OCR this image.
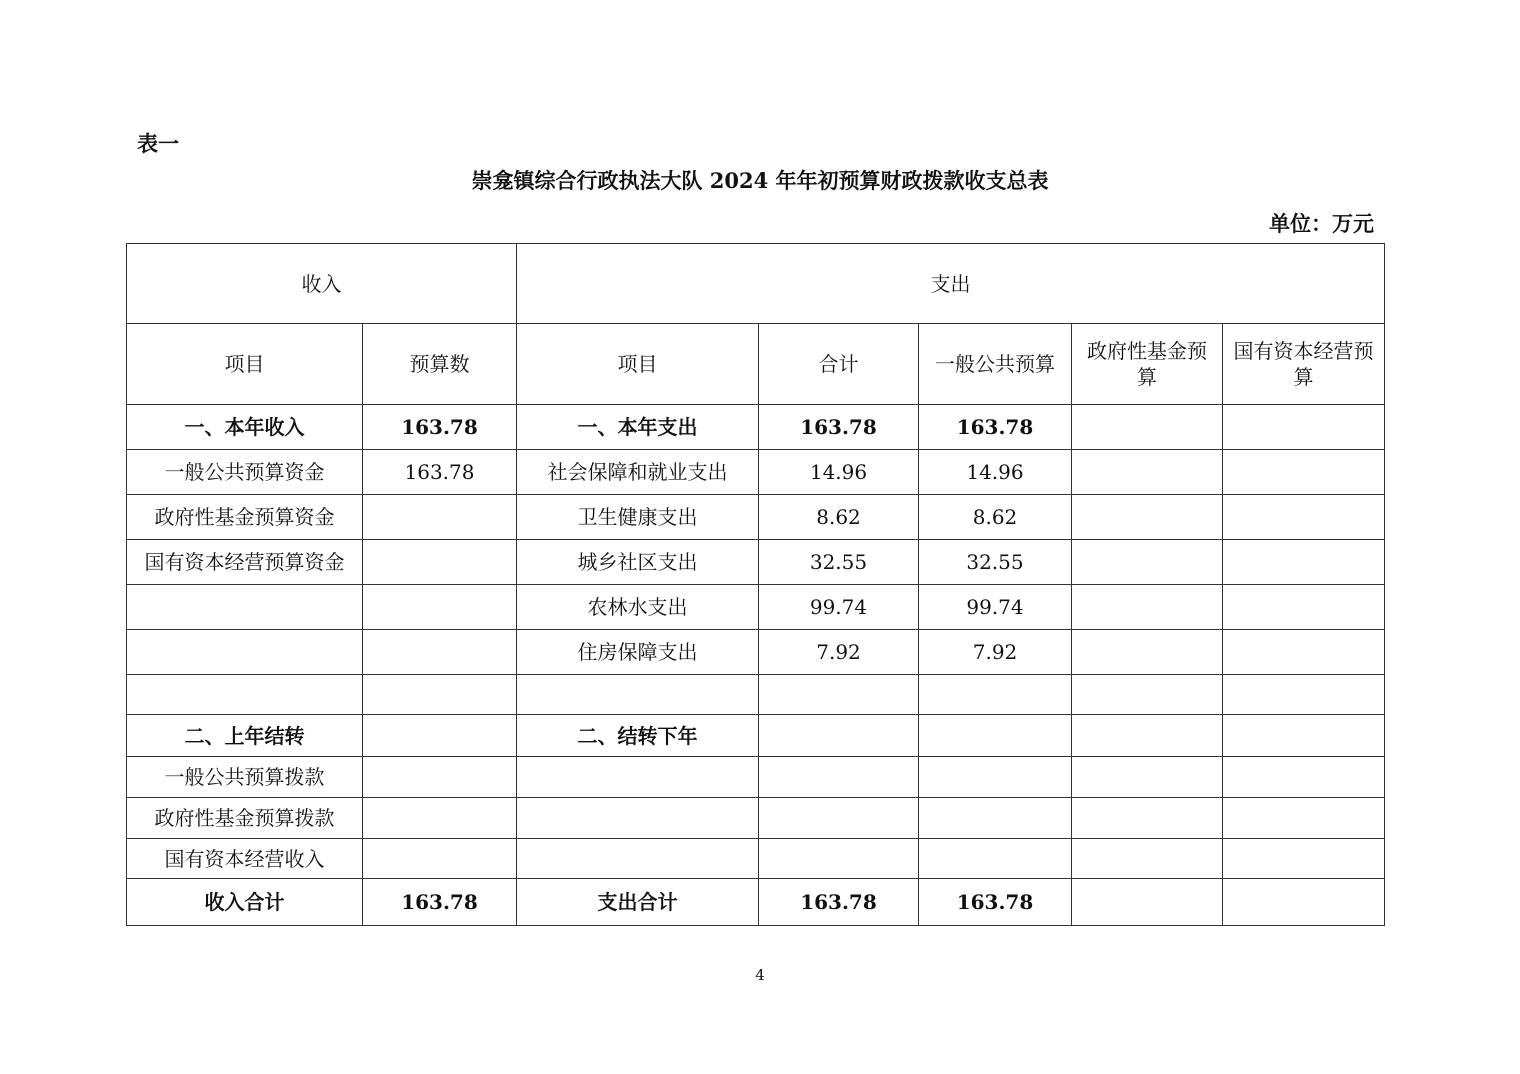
表一
崇龛镇综合行政执法大队 2024 年年初预算财政拨款收支总表
单位：万元
收入		支出				
项目	预算数	项目	合计	一般公共预算	政府性基金预算	国有资本经营预算
一、本年收入	163.78	一、本年支出	163.78	163.78		
一般公共预算资金	163.78	社会保障和就业支出	14.96	14.96		
政府性基金预算资金		卫生健康支出	8.62	8.62		
国有资本经营预算资金		城乡社区支出	32.55	32.55		
		农林水支出	99.74	99.74		
		住房保障支出	7.92	7.92		

二、上年结转		二、结转下年				
一般公共预算拨款						
政府性基金预算拨款						
国有资本经营收入						
收入合计	163.78	支出合计	163.78	163.78		
4
